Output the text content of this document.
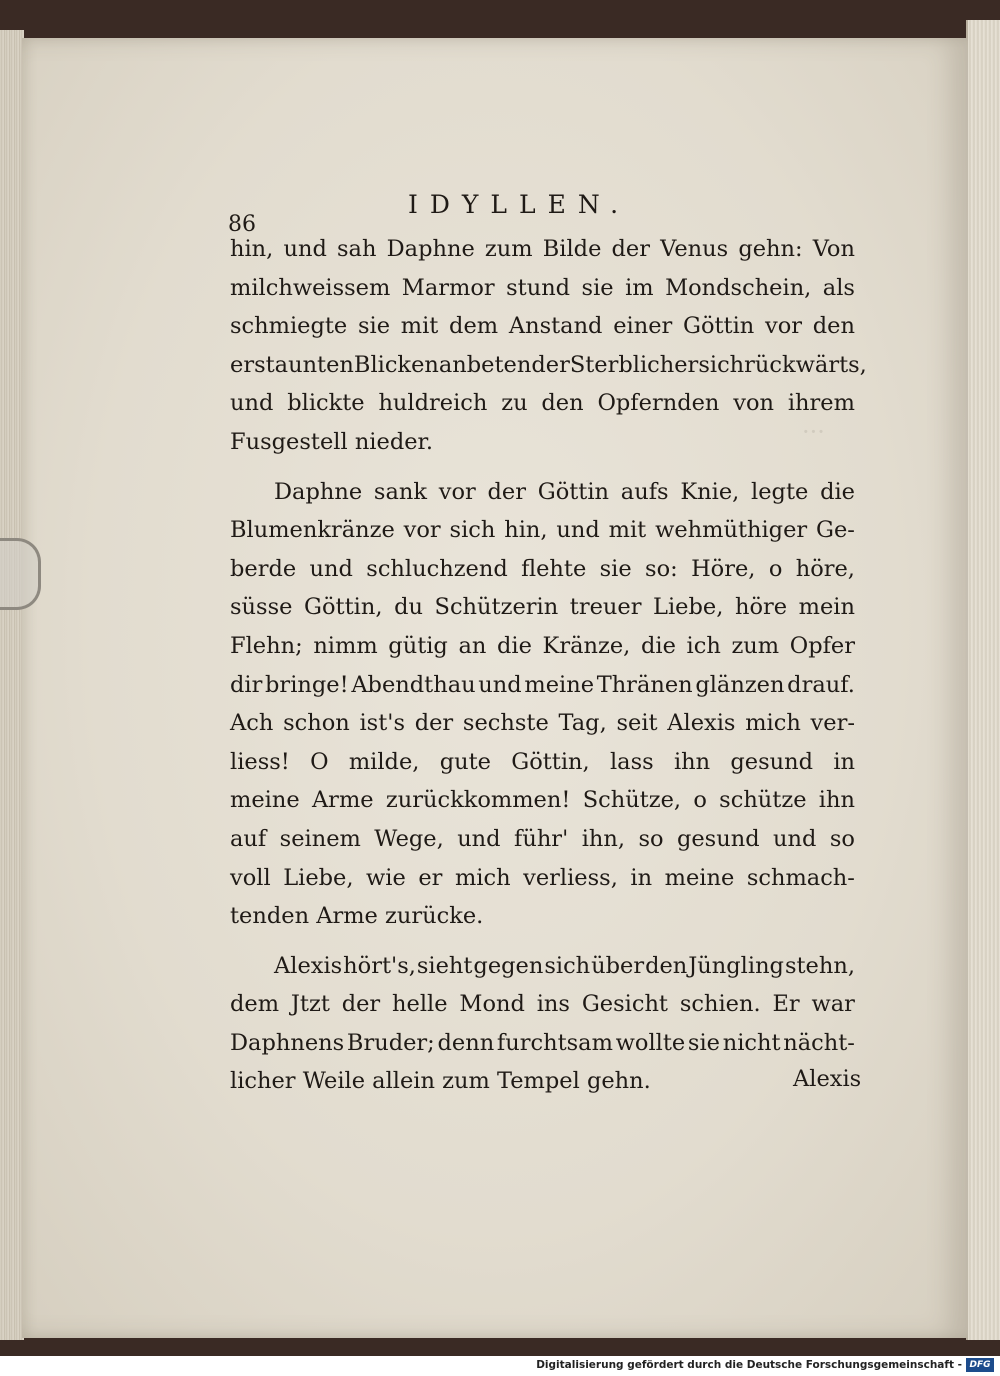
···
86
IDYLLEN.
hin, und sah Daphne zum Bilde der Venus gehn: Von
milchweissem Marmor stund sie im Mondschein, als
schmiegte sie mit dem Anstand einer Göttin vor den
erstaunten Blicken anbetender Sterblicher sich rückwärts,
und blickte huldreich zu den Opfernden von ihrem
Fusgestell nieder.
Daphne sank vor der Göttin aufs Knie, legte die
Blumenkränze vor sich hin, und mit wehmüthiger Ge-
berde und schluchzend flehte sie so: Höre, o höre,
süsse Göttin, du Schützerin treuer Liebe, höre mein
Flehn; nimm gütig an die Kränze, die ich zum Opfer
dir bringe! Abendthau und meine Thränen glänzen drauf.
Ach schon ist's der sechste Tag, seit Alexis mich ver-
liess! O milde, gute Göttin, lass ihn gesund in
meine Arme zurückkommen! Schütze, o schütze ihn
auf seinem Wege, und führ' ihn, so gesund und so
voll Liebe, wie er mich verliess, in meine schmach-
tenden Arme zurücke.
Alexis hört's, sieht gegen sich über den Jüngling stehn,
dem Jtzt der helle Mond ins Gesicht schien. Er war
Daphnens Bruder; denn furchtsam wollte sie nicht nächt-
licher Weile allein zum Tempel gehn.	Alexis
Digitalisierung gefördert durch die Deutsche Forschungsgemeinschaft - DFG
